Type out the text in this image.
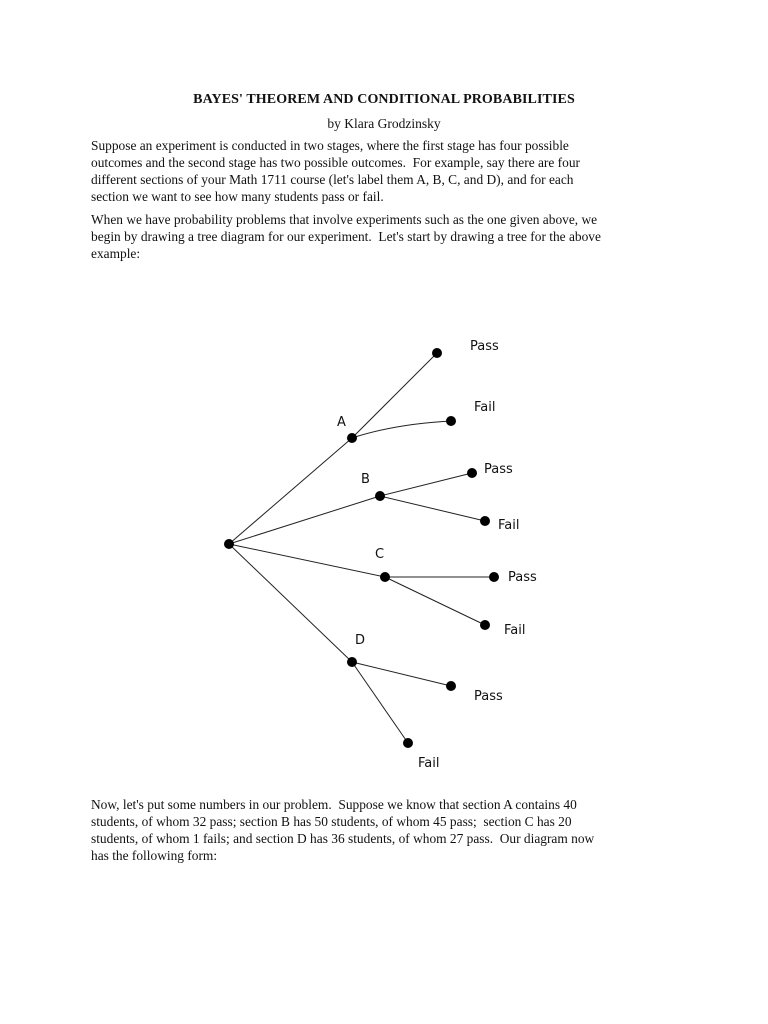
BAYES' THEOREM AND CONDITIONAL PROBABILITIES
by Klara Grodzinsky
Suppose an experiment is conducted in two stages, where the first stage has four possible
outcomes and the second stage has two possible outcomes.  For example, say there are four
different sections of your Math 1711 course (let's label them A, B, C, and D), and for each
section we want to see how many students pass or fail.
When we have probability problems that involve experiments such as the one given above, we
begin by drawing a tree diagram for our experiment.  Let's start by drawing a tree for the above
example:
A
B
C
D
Pass
Fail
Pass
Fail
Pass
Fail
Pass
Fail
Now, let's put some numbers in our problem.  Suppose we know that section A contains 40
students, of whom 32 pass; section B has 50 students, of whom 45 pass;  section C has 20
students, of whom 1 fails; and section D has 36 students, of whom 27 pass.  Our diagram now
has the following form:
